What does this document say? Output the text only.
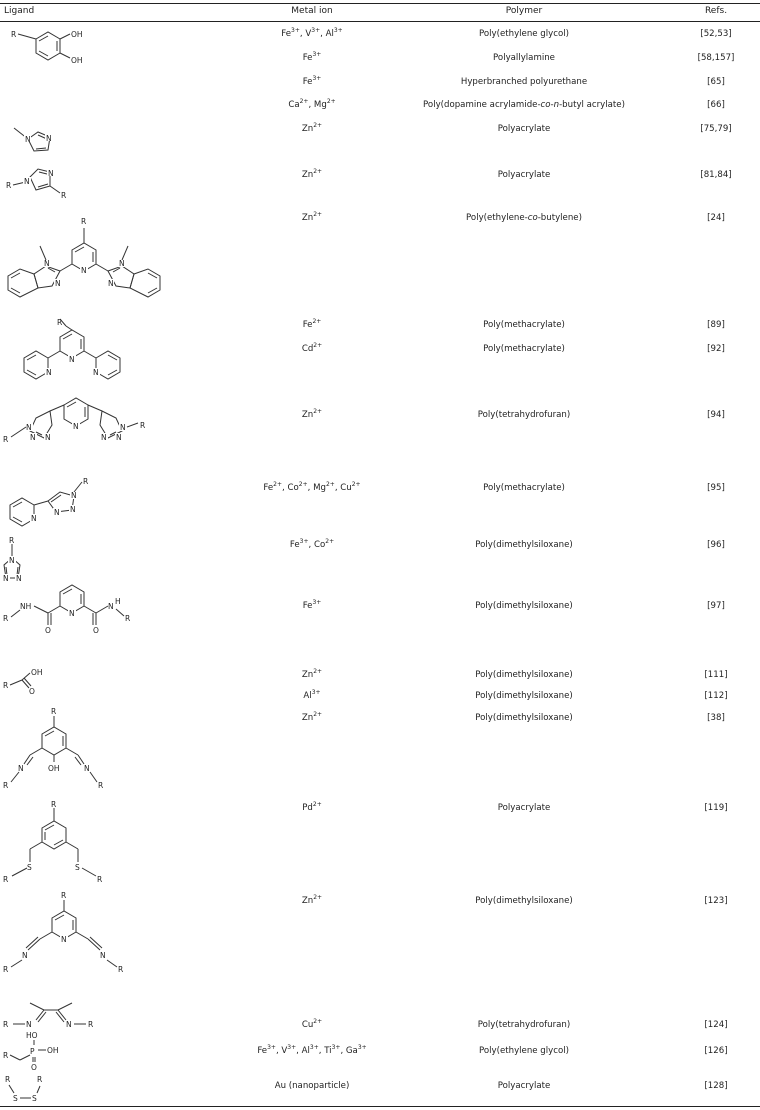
Ligand	Metal ion	Polymer	Refs.
$Fe^{3+}$, $V^{3+}$, $Al^{3+}$	Poly(ethylene glycol)	[52,53]
$Fe^{3+}$	Polyallylamine	[58,157]
$Fe^{3+}$	Hyperbranched polyurethane	[65]
$Ca^{2+}$, $Mg^{2+}$	Poly(dopamine acrylamide-co-n-butyl acrylate)	[66]
$Zn^{2+}$	Polyacrylate	[75,79]
$Zn^{2+}$	Polyacrylate	[81,84]
$Zn^{2+}$	Poly(ethylene-co-butylene)	[24]
$Fe^{2+}$	Poly(methacrylate)	[89]
$Cd^{2+}$	Poly(methacrylate)	[92]
$Zn^{2+}$	Poly(tetrahydrofuran)	[94]
$Fe^{2+}$, $Co^{2+}$, $Mg^{2+}$, $Cu^{2+}$	Poly(methacrylate)	[95]
$Fe^{3+}$, $Co^{2+}$	Poly(dimethylsiloxane)	[96]
$Fe^{3+}$	Poly(dimethylsiloxane)	[97]
$Zn^{2+}$	Poly(dimethylsiloxane)	[111]
$Al^{3+}$	Poly(dimethylsiloxane)	[112]
$Zn^{2+}$	Poly(dimethylsiloxane)	[38]
$Pd^{2+}$	Polyacrylate	[119]
$Zn^{2+}$	Poly(dimethylsiloxane)	[123]
$Cu^{2+}$	Poly(tetrahydrofuran)	[124]
$Fe^{3+}$, $V^{3+}$, $Al^{3+}$, $Ti^{3+}$, $Ga^{3+}$	Poly(ethylene glycol)	[126]
Au (nanoparticle)	Polyacrylate	[128]
OH
OH
R
N
N
N
N
R
R
R
N
N
N
N
N
R
N
N	N
N
N
N N
R
N
N
N
R
N
N
N
N
R
R
N
N N
N
O
NH
R
O
N
H
R
R
OH
O
R
OH
N
R
N
R
R
S
R
S
R
R
N
N
R
N
R
N	N
R	R
R	P
HO
OH
O
R
S S
R
